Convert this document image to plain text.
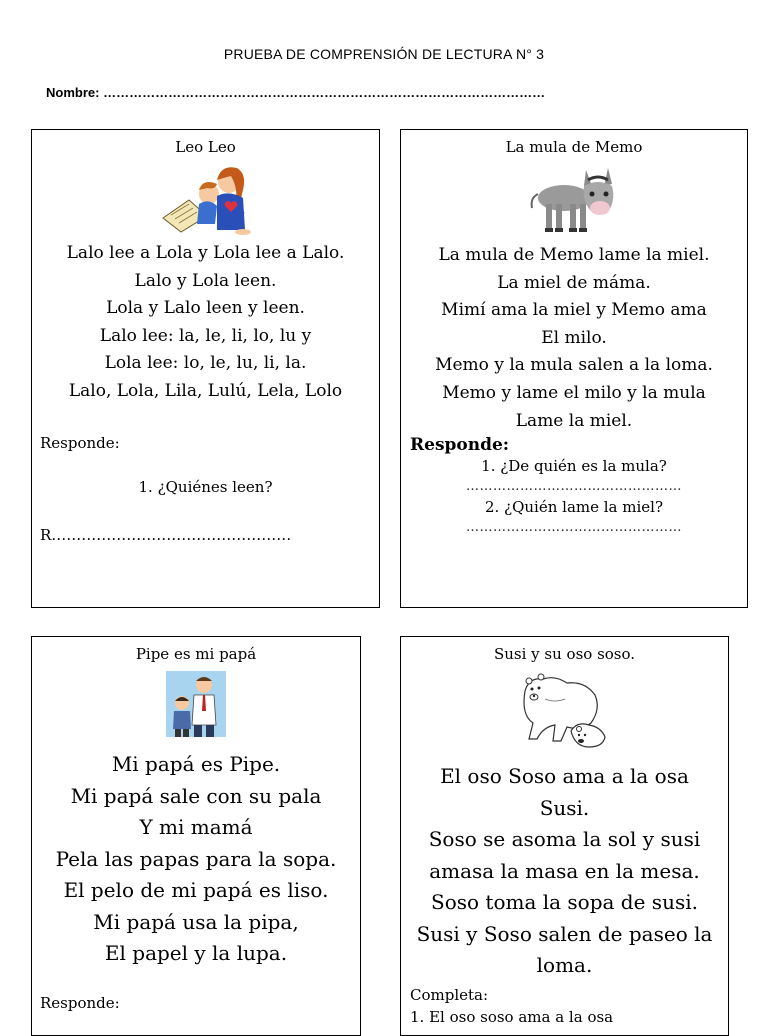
PRUEBA DE COMPRENSIÓN DE LECTURA N° 3
Nombre: …………………………………………………………………………………………
Leo Leo
Lalo lee a Lola y Lola lee a Lalo.
Lalo y Lola leen.
Lola y Lalo leen y leen.
Lalo lee: la, le, li, lo, lu y
Lola lee: lo, le, lu, li, la.
Lalo, Lola, Lila, Lulú, Lela, Lolo
Responde:
1. ¿Quiénes leen?
R…………………………………………
La mula de Memo
La mula de Memo lame la miel.
La miel de máma.
Mimí ama la miel y Memo ama
El milo.
Memo y la mula salen a la loma.
Memo y lame el milo y la mula
Lame la miel.
Responde:
1. ¿De quién es la mula?
…………………………………………
2. ¿Quién lame la miel?
…………………………………………
Pipe es mi papá
Mi papá es Pipe.
Mi papá sale con su pala
Y mi mamá
Pela las papas para la sopa.
El pelo de mi papá es liso.
Mi papá usa la pipa,
El papel y la lupa.
Responde:
Susi y su oso soso.
El oso Soso ama a la osa
Susi.
Soso se asoma la sol y susi
amasa la masa en la mesa.
Soso toma la sopa de susi.
Susi y Soso salen de paseo la
loma.
Completa:
1. El oso soso ama a la osa
